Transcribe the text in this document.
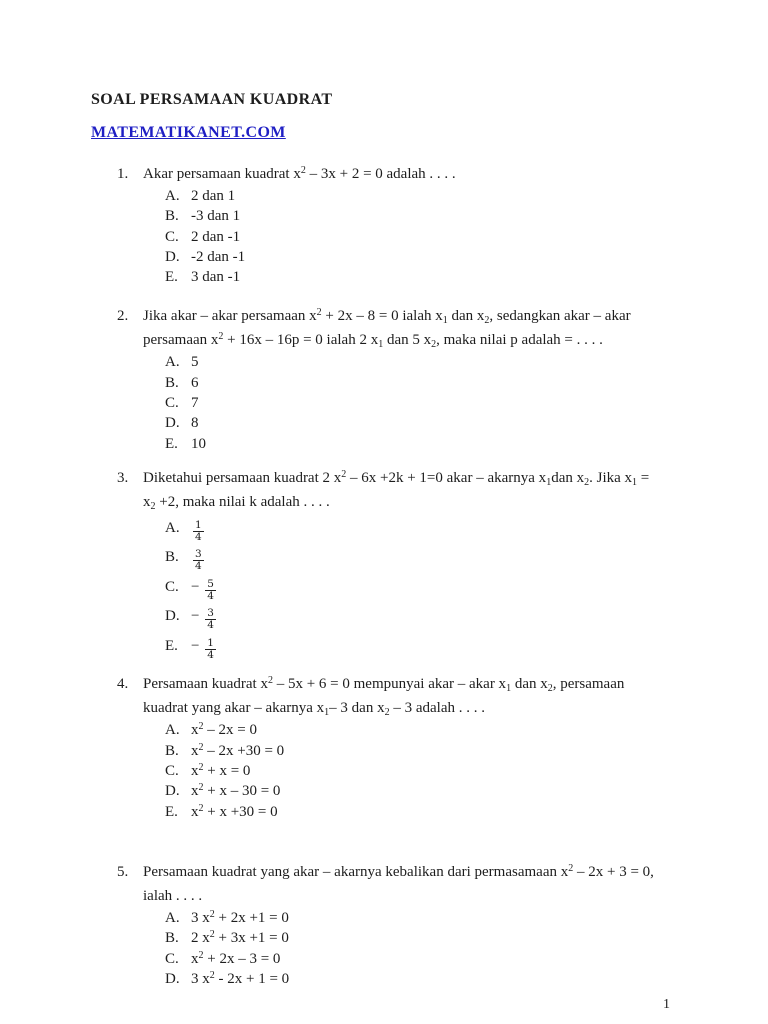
SOAL PERSAMAAN KUADRAT
MATEMATIKANET.COM
1. Akar persamaan kuadrat $x^2 - 3x + 2 = 0$ adalah . . . .
A. 2 dan 1
B. -3 dan 1
C. 2 dan -1
D. -2 dan -1
E. 3 dan -1
2. Jika akar – akar persamaan $x^2 + 2x - 8 = 0$ ialah $x_1$ dan $x_2$, sedangkan akar – akar
persamaan $x^2 + 16x - 16p = 0$ ialah 2 $x_1$ dan 5 $x_2$, maka nilai p adalah = . . . .
A. 5
B. 6
C. 7
D. 8
E. 10
3. Diketahui persamaan kuadrat 2 $x^2 - 6x +2k + 1=0$ akar – akarnya $x_1dan$ $x_2$. Jika $x_1$ =
$x_2 +2$, maka nilai k adalah . . . .
A.	$\frac{1}{4}$
B.	$\frac{3}{4}$
C. − $\frac{5}{4}$
D. − $\frac{3}{4}$
E. − $\frac{1}{4}$
4. Persamaan kuadrat $x^2 - 5x + 6 = 0$ mempunyai akar – akar $x_1$ dan $x_2$, persamaan
kuadrat yang akar – akarnya $x_1-$ 3 dan $x_2 - 3$ adalah . . . .
A. $x^2 - 2x = 0$
B. $x^2 - 2x +30 = 0$
C. $x^2 + x = 0$
D. $x^2 + x - 30 = 0$
E. $x^2 + x +30 = 0$
5. Persamaan kuadrat yang akar – akarnya kebalikan dari permasamaan $x^2 - 2x + 3 = 0$,
ialah . . . .
A. 3 $x^2 + 2x +1 = 0$
B. 2 $x^2 + 3x +1 = 0$
C. $x^2 + 2x - 3 = 0$
D. 3 $x^2 - 2x + 1 = 0$
1
